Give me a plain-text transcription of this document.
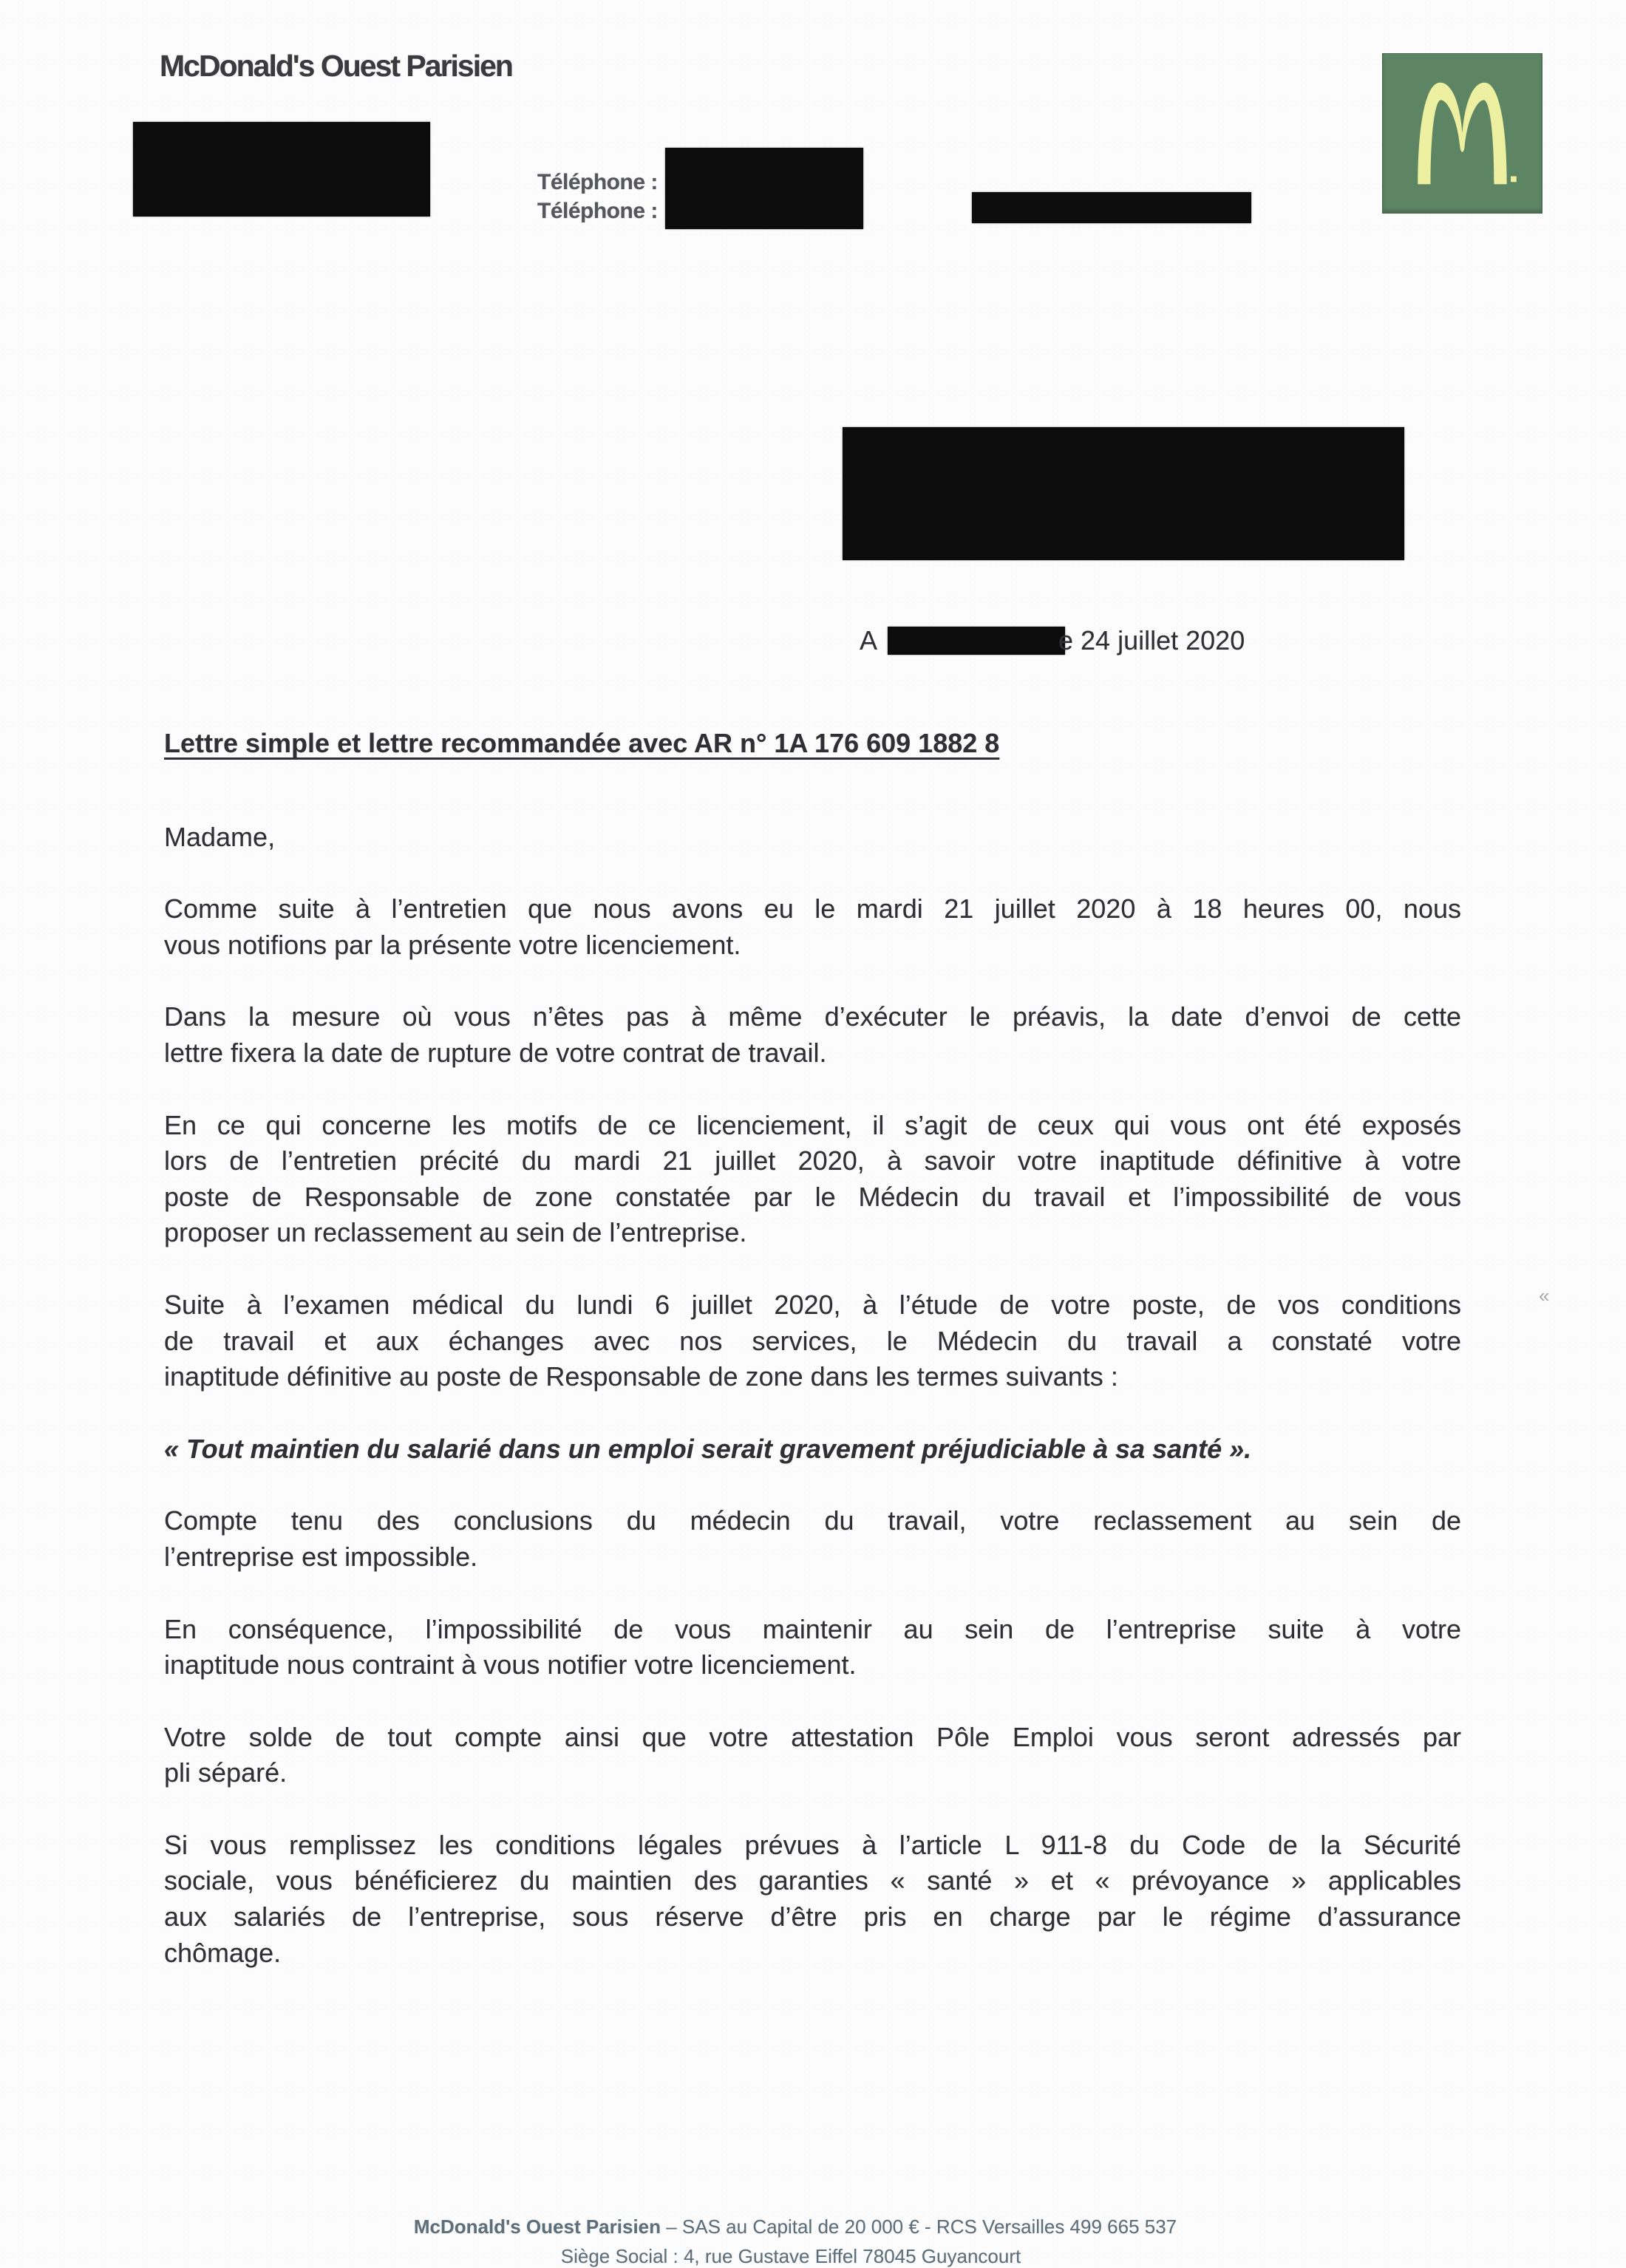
McDonald's Ouest Parisien
Téléphone :
Téléphone :
A	e 24 juillet 2020
Lettre simple et lettre recommandée avec AR n° 1A 176 609 1882 8
Madame,
Comme suite à l’entretien que nous avons eu le mardi 21 juillet 2020 à 18 heures 00, nous
vous notifions par la présente votre licenciement.
Dans la mesure où vous n’êtes pas à même d’exécuter le préavis, la date d’envoi de cette
lettre fixera la date de rupture de votre contrat de travail.
En ce qui concerne les motifs de ce licenciement, il s’agit de ceux qui vous ont été exposés
lors de l’entretien précité du mardi 21 juillet 2020, à savoir votre inaptitude définitive à votre
poste de Responsable de zone constatée par le Médecin du travail et l’impossibilité de vous
proposer un reclassement au sein de l’entreprise.
Suite à l’examen médical du lundi 6 juillet 2020, à l’étude de votre poste, de vos conditions
de travail et aux échanges avec nos services, le Médecin du travail a constaté votre
inaptitude définitive au poste de Responsable de zone dans les termes suivants :
« Tout maintien du salarié dans un emploi serait gravement préjudiciable à sa santé ».
Compte tenu des conclusions du médecin du travail, votre reclassement au sein de
l’entreprise est impossible.
En conséquence, l’impossibilité de vous maintenir au sein de l’entreprise suite à votre
inaptitude nous contraint à vous notifier votre licenciement.
Votre solde de tout compte ainsi que votre attestation Pôle Emploi vous seront adressés par
pli séparé.
Si vous remplissez les conditions légales prévues à l’article L 911-8 du Code de la Sécurité
sociale, vous bénéficierez du maintien des garanties « santé » et « prévoyance » applicables
aux salariés de l’entreprise, sous réserve d’être pris en charge par le régime d’assurance
chômage.
«
McDonald's Ouest Parisien – SAS au Capital de 20 000 € - RCS Versailles 499 665 537
Siège Social : 4, rue Gustave Eiffel 78045 Guyancourt
